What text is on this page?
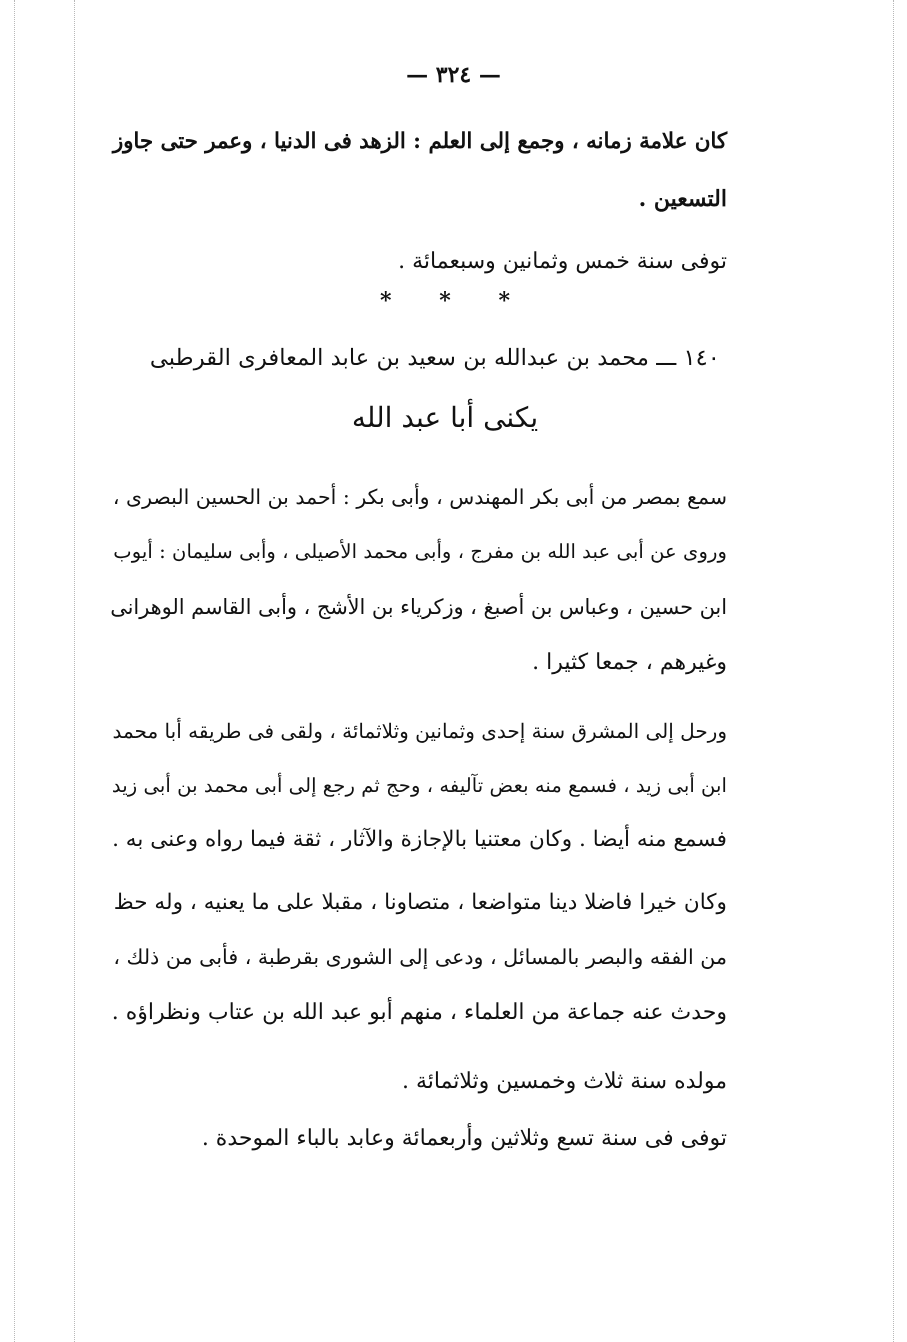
— ٣٢٤ —
كان علامة زمانه ، وجمع إلى العلم : الزهد فى الدنيا ، وعمر حتى جاوز
التسعين .
توفى سنة خمس وثمانين وسبعمائة .
* * *
١٤٠ ـــ محمد بن عبدالله بن سعيد بن عابد المعافرى القرطبى
يكنى أبا عبد الله
سمع بمصر من أبى بكر المهندس ، وأبى بكر : أحمد بن الحسين البصرى ،
وروى عن أبى عبد الله بن مفرج ، وأبى محمد الأصيلى ، وأبى سليمان : أيوب
ابن حسين ، وعباس بن أصبغ ، وزكرياء بن الأشج ، وأبى القاسم الوهرانى
وغيرهم ، جمعا كثيرا .
ورحل إلى المشرق سنة إحدى وثمانين وثلاثمائة ، ولقى فى طريقه أبا محمد
ابن أبى زيد ، فسمع منه بعض تآليفه ، وحج ثم رجع إلى أبى محمد بن أبى زيد
فسمع منه أيضا . وكان معتنيا بالإجازة والآثار ، ثقة فيما رواه وعنى به .
وكان خيرا فاضلا دينا متواضعا ، متصاونا ، مقبلا على ما يعنيه ، وله حظ
من الفقه والبصر بالمسائل ، ودعى إلى الشورى بقرطبة ، فأبى من ذلك ،
وحدث عنه جماعة من العلماء ، منهم أبو عبد الله بن عتاب ونظراؤه .
مولده سنة ثلاث وخمسين وثلاثمائة .
توفى فى سنة تسع وثلاثين وأربعمائة وعابد بالباء الموحدة .
